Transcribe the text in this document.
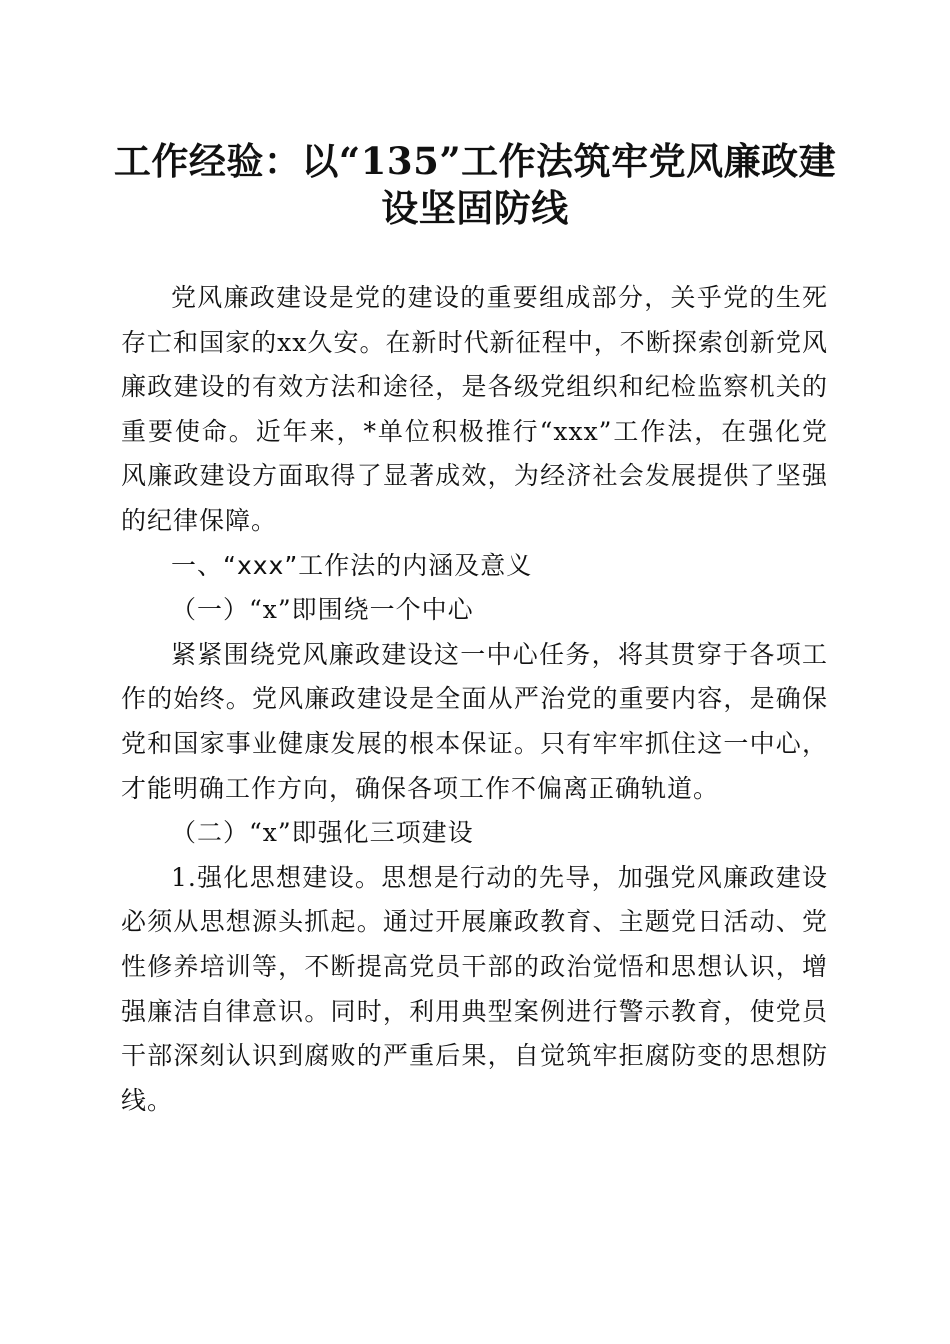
工作经验：以“135”工作法筑牢党风廉政建
设坚固防线

党风廉政建设是党的建设的重要组成部分，关乎党的生死存亡和国家的xx久安。在新时代新征程中，不断探索创新党风廉政建设的有效方法和途径，是各级党组织和纪检监察机关的重要使命。近年来，*单位积极推行“xxx”工作法，在强化党风廉政建设方面取得了显著成效，为经济社会发展提供了坚强的纪律保障。

一、“xxx”工作法的内涵及意义

（一）“x”即围绕一个中心

紧紧围绕党风廉政建设这一中心任务，将其贯穿于各项工作的始终。党风廉政建设是全面从严治党的重要内容，是确保党和国家事业健康发展的根本保证。只有牢牢抓住这一中心，才能明确工作方向，确保各项工作不偏离正确轨道。

（二）“x”即强化三项建设

1.强化思想建设。思想是行动的先导，加强党风廉政建设必须从思想源头抓起。通过开展廉政教育、主题党日活动、党性修养培训等，不断提高党员干部的政治觉悟和思想认识，增强廉洁自律意识。同时，利用典型案例进行警示教育，使党员干部深刻认识到腐败的严重后果，自觉筑牢拒腐防变的思想防线。
